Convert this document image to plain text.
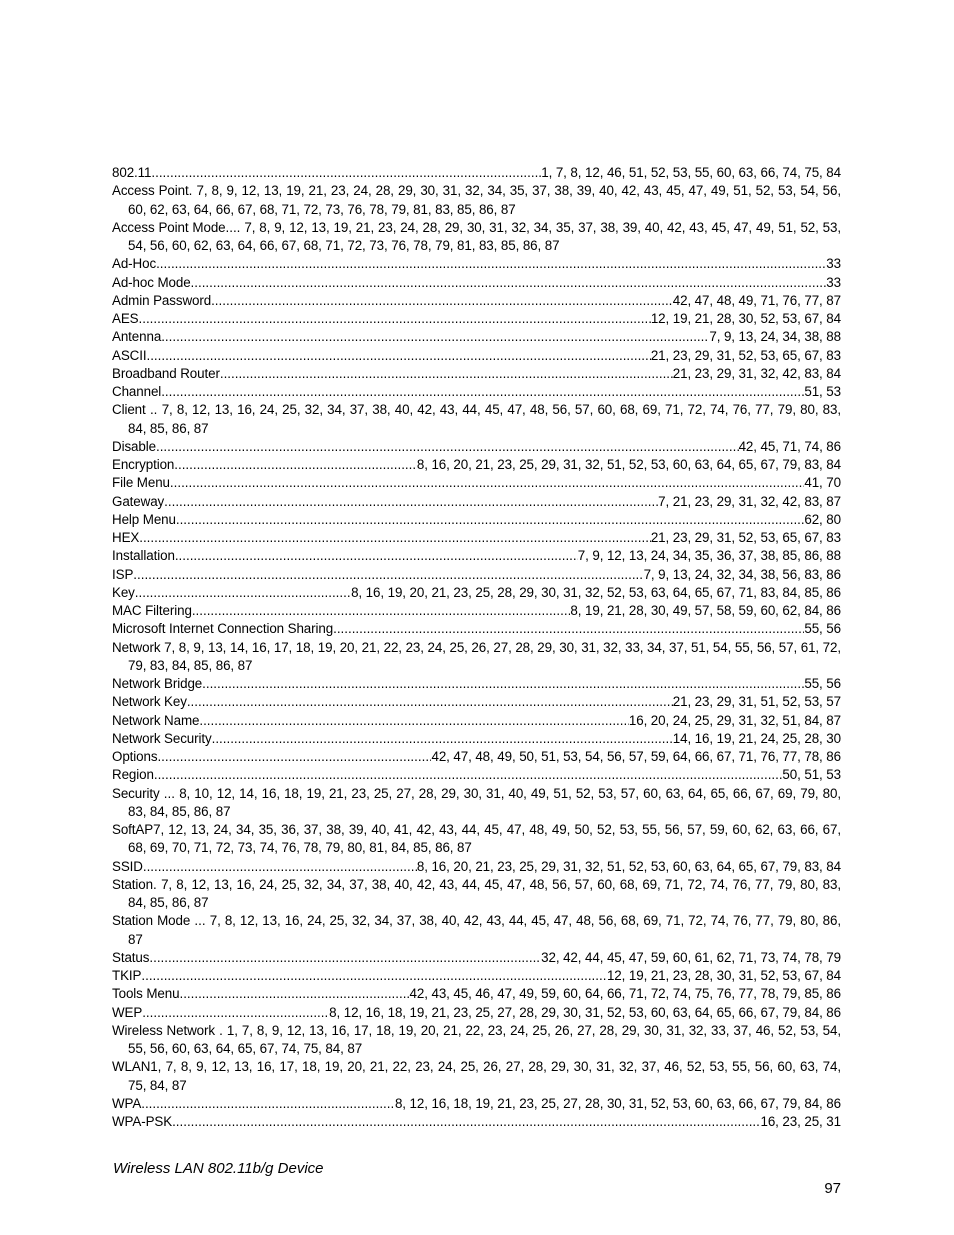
802.11 .....	1, 7, 8, 12, 46, 51, 52, 53, 55, 60, 63, 66, 74, 75, 84
Access Point. 7, 8, 9, 12, 13, 19, 21, 23, 24, 28, 29, 30, 31, 32, 34, 35, 37, 38, 39, 40, 42, 43, 45, 47, 49, 51, 52, 53, 54, 56, 60, 62, 63, 64, 66, 67, 68, 71, 72, 73, 76, 78, 79, 81, 83, 85, 86, 87
Access Point Mode.... 7, 8, 9, 12, 13, 19, 21, 23, 24, 28, 29, 30, 31, 32, 34, 35, 37, 38, 39, 40, 42, 43, 45, 47, 49, 51, 52, 53, 54, 56, 60, 62, 63, 64, 66, 67, 68, 71, 72, 73, 76, 78, 79, 81, 83, 85, 86, 87
Ad-Hoc .....	33
Ad-hoc Mode .....	33
Admin Password .....	42, 47, 48, 49, 71, 76, 77, 87
AES .....	12, 19, 21, 28, 30, 52, 53, 67, 84
Antenna .....	7, 9, 13, 24, 34, 38, 88
ASCII .....	21, 23, 29, 31, 52, 53, 65, 67, 83
Broadband Router .....	21, 23, 29, 31, 32, 42, 83, 84
Channel .....	51, 53
Client .. 7, 8, 12, 13, 16, 24, 25, 32, 34, 37, 38, 40, 42, 43, 44, 45, 47, 48, 56, 57, 60, 68, 69, 71, 72, 74, 76, 77, 79, 80, 83, 84, 85, 86, 87
Disable .....	42, 45, 71, 74, 86
Encryption .....	8, 16, 20, 21, 23, 25, 29, 31, 32, 51, 52, 53, 60, 63, 64, 65, 67, 79, 83, 84
File Menu .....	41, 70
Gateway .....	7, 21, 23, 29, 31, 32, 42, 83, 87
Help Menu .....	62, 80
HEX .....	21, 23, 29, 31, 52, 53, 65, 67, 83
Installation .....	7, 9, 12, 13, 24, 34, 35, 36, 37, 38, 85, 86, 88
ISP .....	7, 9, 13, 24, 32, 34, 38, 56, 83, 86
Key .....	8, 16, 19, 20, 21, 23, 25, 28, 29, 30, 31, 32, 52, 53, 63, 64, 65, 67, 71, 83, 84, 85, 86
MAC Filtering .....	8, 19, 21, 28, 30, 49, 57, 58, 59, 60, 62, 84, 86
Microsoft Internet Connection Sharing .....	55, 56
Network 7, 8, 9, 13, 14, 16, 17, 18, 19, 20, 21, 22, 23, 24, 25, 26, 27, 28, 29, 30, 31, 32, 33, 34, 37, 51, 54, 55, 56, 57, 61, 72, 79, 83, 84, 85, 86, 87
Network Bridge .....	55, 56
Network Key .....	21, 23, 29, 31, 51, 52, 53, 57
Network Name .....	16, 20, 24, 25, 29, 31, 32, 51, 84, 87
Network Security .....	14, 16, 19, 21, 24, 25, 28, 30
Options .....	42, 47, 48, 49, 50, 51, 53, 54, 56, 57, 59, 64, 66, 67, 71, 76, 77, 78, 86
Region .....	50, 51, 53
Security ... 8, 10, 12, 14, 16, 18, 19, 21, 23, 25, 27, 28, 29, 30, 31, 40, 49, 51, 52, 53, 57, 60, 63, 64, 65, 66, 67, 69, 79, 80, 83, 84, 85, 86, 87
SoftAP7, 12, 13, 24, 34, 35, 36, 37, 38, 39, 40, 41, 42, 43, 44, 45, 47, 48, 49, 50, 52, 53, 55, 56, 57, 59, 60, 62, 63, 66, 67, 68, 69, 70, 71, 72, 73, 74, 76, 78, 79, 80, 81, 84, 85, 86, 87
SSID .....	8, 16, 20, 21, 23, 25, 29, 31, 32, 51, 52, 53, 60, 63, 64, 65, 67, 79, 83, 84
Station. 7, 8, 12, 13, 16, 24, 25, 32, 34, 37, 38, 40, 42, 43, 44, 45, 47, 48, 56, 57, 60, 68, 69, 71, 72, 74, 76, 77, 79, 80, 83, 84, 85, 86, 87
Station Mode ... 7, 8, 12, 13, 16, 24, 25, 32, 34, 37, 38, 40, 42, 43, 44, 45, 47, 48, 56, 68, 69, 71, 72, 74, 76, 77, 79, 80, 86, 87
Status .....	32, 42, 44, 45, 47, 59, 60, 61, 62, 71, 73, 74, 78, 79
TKIP .....	12, 19, 21, 23, 28, 30, 31, 52, 53, 67, 84
Tools Menu .....	42, 43, 45, 46, 47, 49, 59, 60, 64, 66, 71, 72, 74, 75, 76, 77, 78, 79, 85, 86
WEP .....	8, 12, 16, 18, 19, 21, 23, 25, 27, 28, 29, 30, 31, 52, 53, 60, 63, 64, 65, 66, 67, 79, 84, 86
Wireless Network . 1, 7, 8, 9, 12, 13, 16, 17, 18, 19, 20, 21, 22, 23, 24, 25, 26, 27, 28, 29, 30, 31, 32, 33, 37, 46, 52, 53, 54, 55, 56, 60, 63, 64, 65, 67, 74, 75, 84, 87
WLAN1, 7, 8, 9, 12, 13, 16, 17, 18, 19, 20, 21, 22, 23, 24, 25, 26, 27, 28, 29, 30, 31, 32, 37, 46, 52, 53, 55, 56, 60, 63, 74, 75, 84, 87
WPA .....	8, 12, 16, 18, 19, 21, 23, 25, 27, 28, 30, 31, 52, 53, 60, 63, 66, 67, 79, 84, 86
WPA-PSK .....	16, 23, 25, 31
Wireless LAN 802.11b/g Device
97
